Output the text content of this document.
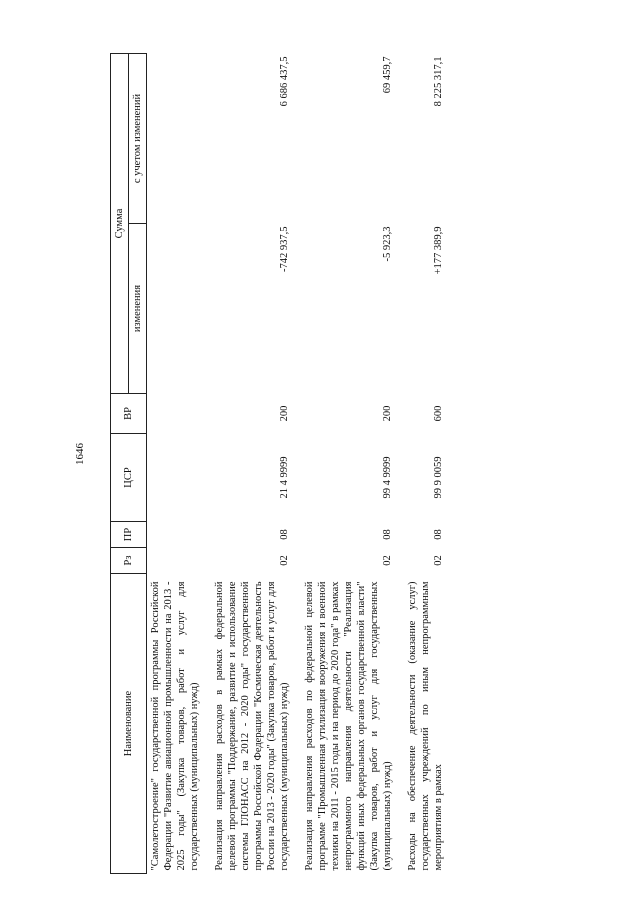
1646
Наименование	Рз	ПР	ЦСР	ВР	Сумма	
					изменения	с учетом изменений
"Самолетостроение" государственной программы Российской Федерации "Развитие авиационной промышленности на 2013 - 2025 годы" (Закупка товаров, работ и услуг для государственных (муниципальных) нужд)						

Реализация направления расходов в рамках федеральной целевой программы "Поддержание, развитие и использование системы ГЛОНАСС на 2012 - 2020 годы" государственной программы Российской Федерации "Космическая деятельность России на 2013 - 2020 годы" (Закупка товаров, работ и услуг для государственных (муниципальных) нужд)	02	08	21 4 9999	200	-742 937,5	6 686 437,5

Реализация направления расходов по федеральной целевой программе "Промышленная утилизация вооружения и военной техники на 2011 - 2015 годы и на период до 2020 года" в рамках непрограммного направления деятельности "Реализация функций иных федеральных органов государственной власти" (Закупка товаров, работ и услуг для государственных (муниципальных) нужд)	02	08	99 4 9999	200	-5 923,3	69 459,7

Расходы на обеспечение деятельности (оказание услуг) государственных учреждений по иным непрограммным мероприятиям в рамках	02	08	99 9 0059	600	+177 389,9	8 225 317,1
